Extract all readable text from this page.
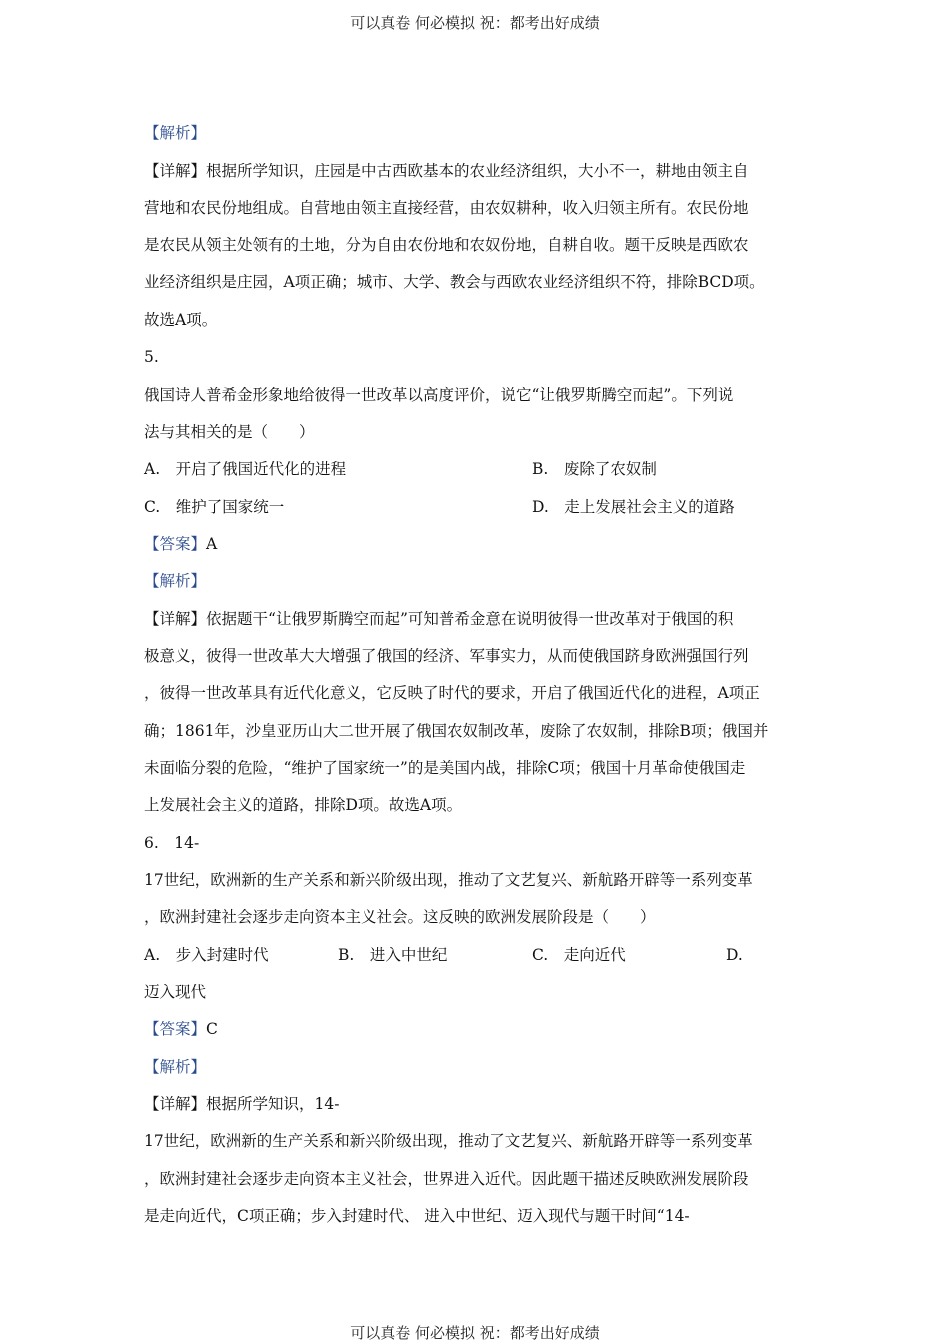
可以真卷 何必模拟 祝：都考出好成绩
【解析】
【详解】根据所学知识，庄园是中古西欧基本的农业经济组织，大小不一，耕地由领主自
营地和农民份地组成。自营地由领主直接经营，由农奴耕种，收入归领主所有。农民份地
是农民从领主处领有的土地，分为自由农份地和农奴份地，自耕自收。题干反映是西欧农
业经济组织是庄园，A项正确；城市、大学、教会与西欧农业经济组织不符，排除BCD项。
故选A项。
5.
俄国诗人普希金形象地给彼得一世改革以高度评价，说它“让俄罗斯腾空而起”。下列说
法与其相关的是（　　）
A.　开启了俄国近代化的进程	B.　废除了农奴制
C.　维护了国家统一	D.　走上发展社会主义的道路
【答案】A
【解析】
【详解】依据题干“让俄罗斯腾空而起”可知普希金意在说明彼得一世改革对于俄国的积
极意义，彼得一世改革大大增强了俄国的经济、军事实力，从而使俄国跻身欧洲强国行列
，彼得一世改革具有近代化意义，它反映了时代的要求，开启了俄国近代化的进程，A项正
确；1861年，沙皇亚历山大二世开展了俄国农奴制改革，废除了农奴制，排除B项；俄国并
未面临分裂的危险，“维护了国家统一”的是美国内战，排除C项；俄国十月革命使俄国走
上发展社会主义的道路，排除D项。故选A项。
6.　14-
17世纪，欧洲新的生产关系和新兴阶级出现，推动了文艺复兴、新航路开辟等一系列变革
，欧洲封建社会逐步走向资本主义社会。这反映的欧洲发展阶段是（　　）
A.　步入封建时代	B.　进入中世纪	C.　走向近代	D.
迈入现代
【答案】C
【解析】
【详解】根据所学知识，14-
17世纪，欧洲新的生产关系和新兴阶级出现，推动了文艺复兴、新航路开辟等一系列变革
，欧洲封建社会逐步走向资本主义社会，世界进入近代。因此题干描述反映欧洲发展阶段
是走向近代，C项正确；步入封建时代、 进入中世纪、迈入现代与题干时间“14-
可以真卷 何必模拟 祝：都考出好成绩
